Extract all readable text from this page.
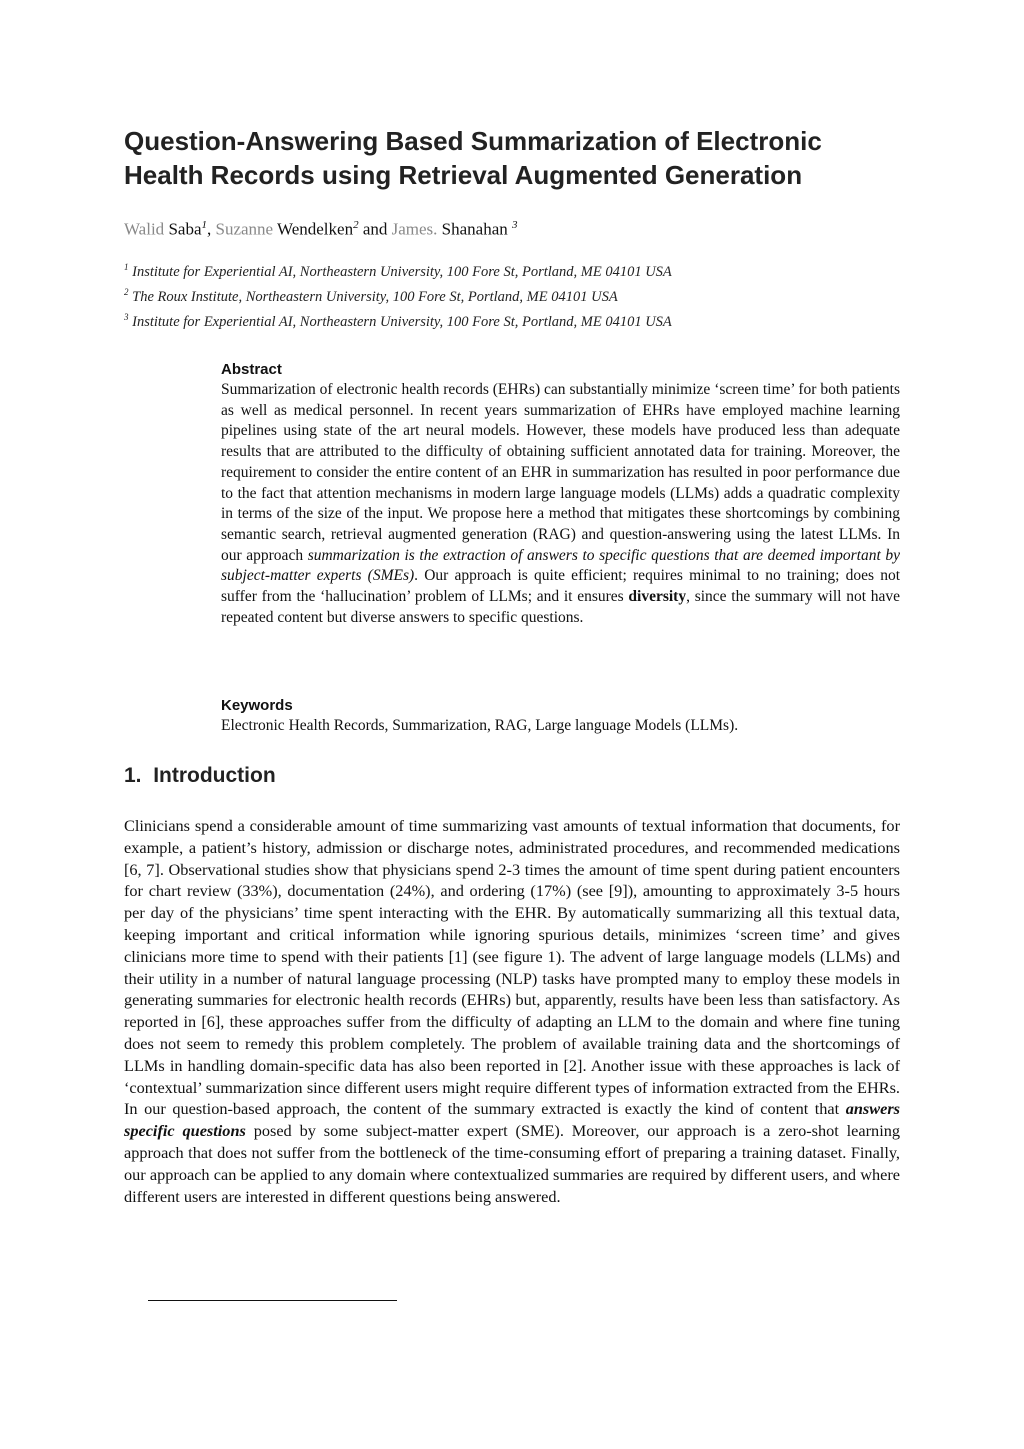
Question-Answering Based Summarization of Electronic Health Records using Retrieval Augmented Generation
Walid Saba$^1$, Suzanne Wendelken$^2$ and James. Shanahan $^3$
$^1$ Institute for Experiential AI, Northeastern University, 100 Fore St, Portland, ME 04101 USA
$^2$ The Roux Institute, Northeastern University, 100 Fore St, Portland, ME 04101 USA
$^3$ Institute for Experiential AI, Northeastern University, 100 Fore St, Portland, ME 04101 USA
Abstract
Summarization of electronic health records (EHRs) can substantially minimize ‘screen time’ for both patients as well as medical personnel. In recent years summarization of EHRs have employed machine learning pipelines using state of the art neural models. However, these models have produced less than adequate results that are attributed to the difficulty of obtaining sufficient annotated data for training. Moreover, the requirement to consider the entire content of an EHR in summarization has resulted in poor performance due to the fact that attention mechanisms in modern large language models (LLMs) adds a quadratic complexity in terms of the size of the input. We propose here a method that mitigates these shortcomings by combining semantic search, retrieval augmented generation (RAG) and question-answering using the latest LLMs. In our approach summarization is the extraction of answers to specific questions that are deemed important by subject-matter experts (SMEs). Our approach is quite efficient; requires minimal to no training; does not suffer from the ‘hallucination’ problem of LLMs; and it ensures diversity, since the summary will not have repeated content but diverse answers to specific questions.
Keywords
Electronic Health Records, Summarization, RAG, Large language Models (LLMs).
1. Introduction

Clinicians spend a considerable amount of time summarizing vast amounts of textual information that documents, for example, a patient’s history, admission or discharge notes, administrated procedures, and recommended medications [6, 7]. Observational studies show that physicians spend 2-3 times the amount of time spent during patient encounters for chart review (33%), documentation (24%), and ordering (17%) (see [9]), amounting to approximately 3-5 hours per day of the physicians’ time spent interacting with the EHR. By automatically summarizing all this textual data, keeping important and critical information while ignoring spurious details, minimizes ‘screen time’ and gives clinicians more time to spend with their patients [1] (see figure 1). The advent of large language models (LLMs) and their utility in a number of natural language processing (NLP) tasks have prompted many to employ these models in generating summaries for electronic health records (EHRs) but, apparently, results have been less than satisfactory. As reported in [6], these approaches suffer from the difficulty of adapting an LLM to the domain and where fine tuning does not seem to remedy this problem completely. The problem of available training data and the shortcomings of LLMs in handling domain-specific data has also been reported in [2]. Another issue with these approaches is lack of ‘contextual’ summarization since different users might require different types of information extracted from the EHRs. In our question-based approach, the content of the summary extracted is exactly the kind of content that answers specific questions posed by some subject-matter expert (SME). Moreover, our approach is a zero-shot learning approach that does not suffer from the bottleneck of the time-consuming effort of preparing a training dataset. Finally, our approach can be applied to any domain where contextualized summaries are required by different users, and where different users are interested in different questions being answered.
